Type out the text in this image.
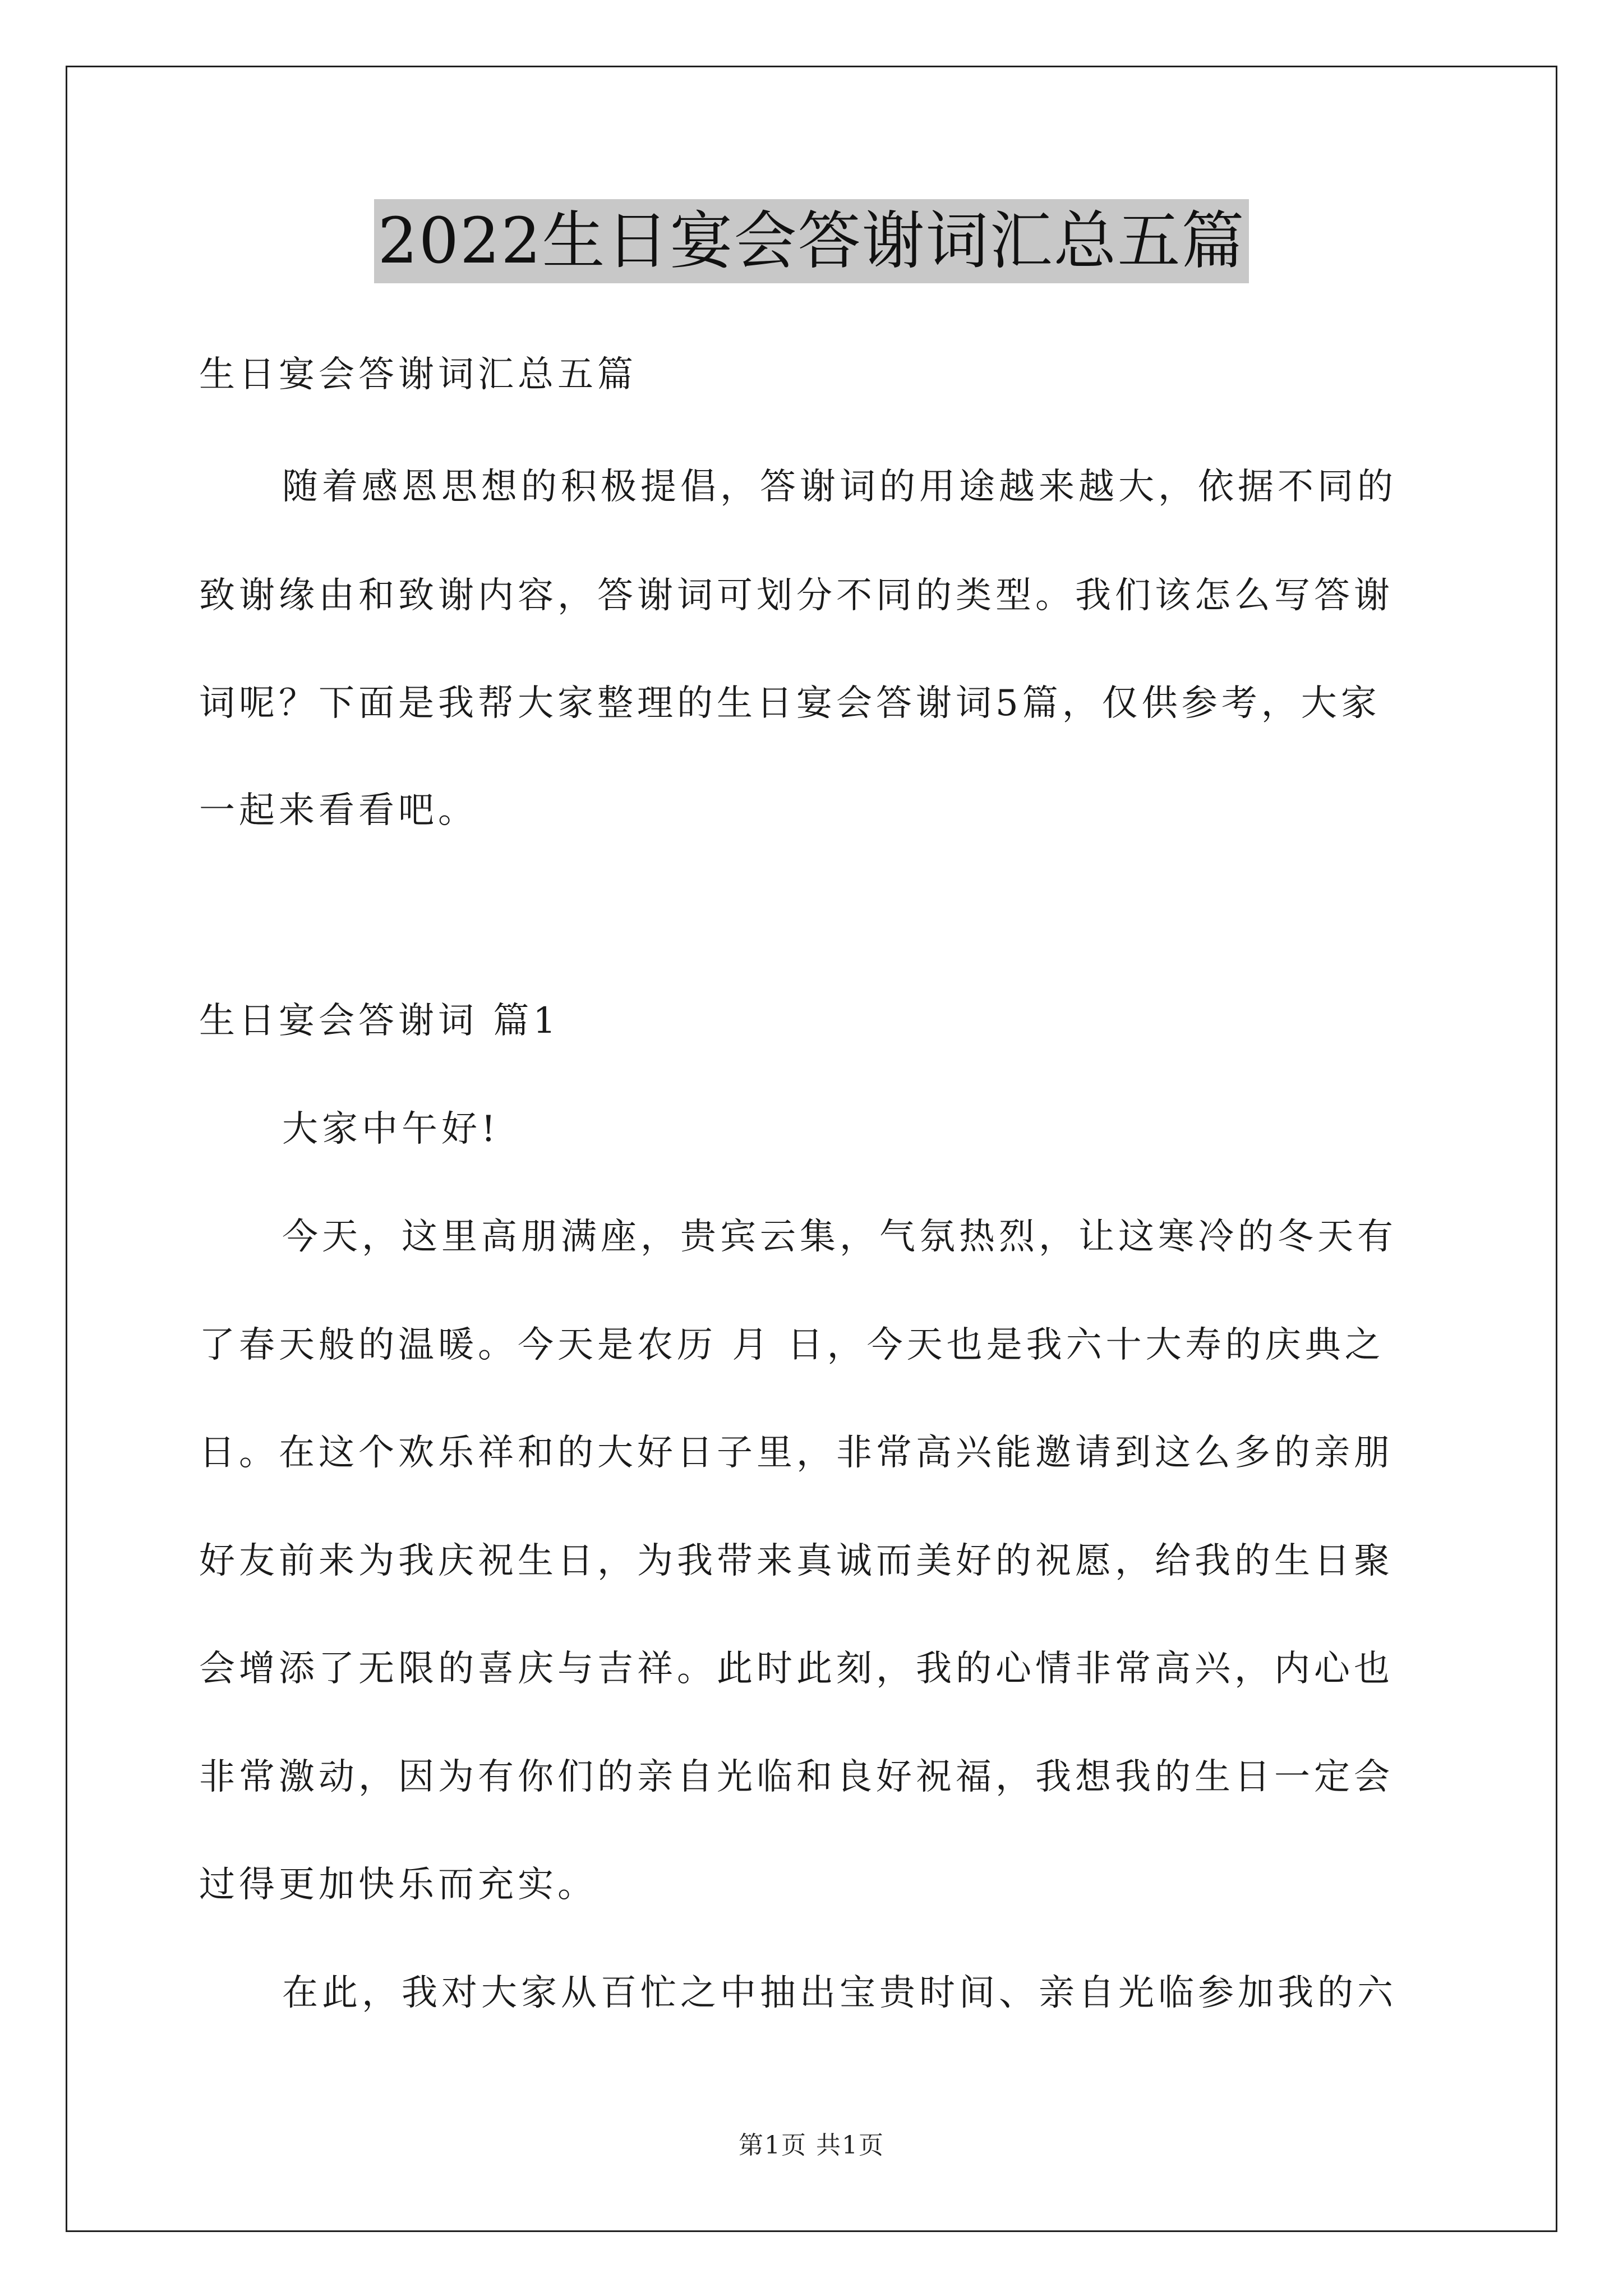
2022生日宴会答谢词汇总五篇
生日宴会答谢词汇总五篇
随着感恩思想的积极提倡，答谢词的用途越来越大，依据不同的
致谢缘由和致谢内容，答谢词可划分不同的类型。我们该怎么写答谢
词呢？下面是我帮大家整理的生日宴会答谢词5篇，仅供参考，大家
一起来看看吧。
生日宴会答谢词 篇1
大家中午好!
今天，这里高朋满座，贵宾云集，气氛热烈，让这寒冷的冬天有
了春天般的温暖。今天是农历 月 日，今天也是我六十大寿的庆典之
日。在这个欢乐祥和的大好日子里，非常高兴能邀请到这么多的亲朋
好友前来为我庆祝生日，为我带来真诚而美好的祝愿，给我的生日聚
会增添了无限的喜庆与吉祥。此时此刻，我的心情非常高兴，内心也
非常激动，因为有你们的亲自光临和良好祝福，我想我的生日一定会
过得更加快乐而充实。
在此，我对大家从百忙之中抽出宝贵时间、亲自光临参加我的六
第1页 共1页
